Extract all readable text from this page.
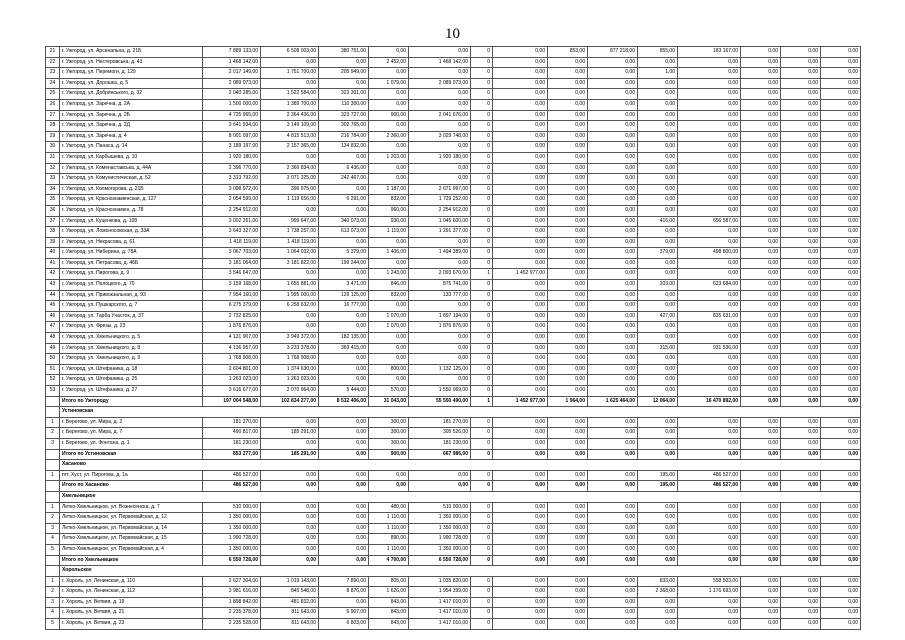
10
21	г. Ужгород, ул. Арсенальна, д. 21Б	7 889 133,00	6 508 003,00	380 751,00	0,00	0,00	0	0,00	853,00	877 218,00	855,00	183 167,00	0,00	0,00	0,00
22	г. Ужгород, ул. Нестеровська, д. 43	1 468 142,00	0,00	0,00	2 452,00	1 468 142,00	0	0,00	0,00	0,00	0,00	0,00	0,00	0,00	0,00
23	г. Ужгород, ул. Перемоги, д. 129	2 017 149,00	1 751 700,00	205 949,00	0,00	0,00	0	0,00	0,00	0,00	1,00	0,00	0,00	0,00	0,00
24	г. Ужгород, ул. Дорошка, д. 5	2 089 073,00	0,00	0,00	1 079,00	2 089 073,00	0	0,00	0,00	0,00	0,00	0,00	0,00	0,00	0,00
25	г. Ужгород, ул. Добрянського, д. 32	2 040 285,00	1 522 584,00	323 301,00	0,00	0,00	0	0,00	0,00	0,00	0,00	0,00	0,00	0,00	0,00
26	г. Ужгород, ул. Заречна, д. 2А	1 500 000,00	1 389 700,00	110 300,00	0,00	0,00	0	0,00	0,00	0,00	0,00	0,00	0,00	0,00	0,00
27	г. Ужгород, ул. Заречна, д. 2Б	4 725 965,00	2 364 436,00	323 727,00	900,00	2 041 676,00	0	0,00	0,00	0,00	0,00	0,00	0,00	0,00	0,00
28	г. Ужгород, ул. Заречна, д. 2Д	3 641 934,00	3 149 109,00	302 765,00	0,00	0,00	0	0,00	0,00	0,00	0,00	0,00	0,00	0,00	0,00
29	г. Ужгород, ул. Заречна, д. 4	8 001 097,00	4 815 513,00	216 784,00	2 360,00	3 029 748,00	0	0,00	0,00	0,00	0,00	0,00	0,00	0,00	0,00
30	г. Ужгород, ул. Панаса, д. 14	3 189 197,00	2 157 365,00	134 832,00	0,00	0,00	0	0,00	0,00	0,00	0,00	0,00	0,00	0,00	0,00
31	г. Ужгород, ул. Карбышева, д. 10	1 920 180,00	0,00	0,00	1 203,00	1 920 180,00	0	0,00	0,00	0,00	0,00	0,00	0,00	0,00	0,00
32	г. Ужгород, ул. Коменаставська, д. 44А	2 396 770,00	2 366 834,00	6 436,00	0,00	0,00	0	0,00	0,00	0,00	0,00	0,00	0,00	0,00	0,00
33	г. Ужгород, ул. Комунистическая, д. 52	3 313 792,00	3 071 325,00	242 467,00	0,00	0,00	0	0,00	0,00	0,00	0,00	0,00	0,00	0,00	0,00
34	г. Ужгород, ул. Колмогорова, д. 21Б	3 098 972,00	396 975,00	0,00	1 187,00	2 671 997,00	0	0,00	0,00	0,00	0,00	0,00	0,00	0,00	0,00
35	г. Ужгород, ул. Краснознаменская, д. 127	2 054 599,00	1 119 656,00	6 291,00	832,00	1 729 252,00	0	0,00	0,00	0,00	0,00	0,00	0,00	0,00	0,00
36	г. Ужгород, ул. Краснознамен, д. 78	2 254 912,00	0,00	0,00	960,00	2 254 912,00	0	0,00	0,00	0,00	0,00	0,00	0,00	0,00	0,00
37	г. Ужгород, ул. Куценкова, д. 108	3 002 261,00	999 647,00	340 073,00	930,00	1 045 600,00	0	0,00	0,00	0,00	416,00	656 587,00	0,00	0,00	0,00
38	г. Ужгород, ул. Ломоносовская, д. 33А	3 643 327,00	1 738 257,00	613 073,00	1 119,00	1 291 377,00	0	0,00	0,00	0,00	0,00	0,00	0,00	0,00	0,00
39	г. Ужгород, ул. Некрасова, д. 61	1 418 119,00	1 418 119,00	0,00	0,00	0,00	0	0,00	0,00	0,00	0,00	0,00	0,00	0,00	0,00
40	г. Ужгород, ул. Ниберина, д. 78А	3 067 703,00	1 064 032,00	5 379,00	1 406,00	1 494 389,00	0	0,00	0,00	0,00	379,00	498 800,00	0,00	0,00	0,00
41	г. Ужгород, ул. Петрасова, д. 46Б	3 181 064,00	3 181 822,00	199 244,00	0,00	0,00	0	0,00	0,00	0,00	0,00	0,00	0,00	0,00	0,00
42	г. Ужгород, ул. Пирогова, д. 9	3 546 647,00	0,00	0,00	1 243,00	2 093 670,00	1	1 452 977,00	0,00	0,00	0,00	0,00	0,00	0,00	0,00
43	г. Ужгород, ул. Полоцкого, д. 70	3 159 168,00	1 655 881,00	3 471,00	846,00	875 741,00	0	0,00	0,00	0,00	203,00	623 684,00	0,00	0,00	0,00
44	г. Ужгород, ул. Привокзальная, д. 93	7 954 160,00	1 995 000,00	129 125,00	832,00	133 777,00	0	0,00	0,00	0,00	0,00	0,00	0,00	0,00	0,00
45	г. Ужгород, ул. Пушкарского, д. 7	6 275 379,00	6 258 632,00	16 777,00	0,00	0,00	0	0,00	0,00	0,00	0,00	0,00	0,00	0,00	0,00
46	г. Ужгород, ул. Тарба Участок, д. 37	2 732 825,00	0,00	0,00	1 070,00	1 897 194,00	0	0,00	0,00	0,00	427,00	835 631,00	0,00	0,00	0,00
47	г. Ужгород, ул. Фрезы, д. 23	1 876 876,00	0,00	0,00	1 070,00	1 876 876,00	0	0,00	0,00	0,00	0,00	0,00	0,00	0,00	0,00
48	г. Ужгород, ул. Хмельницкого, д. 5	4 131 907,00	3 949 372,00	182 135,00	0,00	0,00	0	0,00	0,00	0,00	0,00	0,00	0,00	0,00	0,00
49	г. Ужгород, ул. Хмельницкого, д. 8	4 136 957,00	3 233 378,00	369 415,00	0,00	0,00	0	0,00	0,00	0,00	315,00	931 536,00	0,00	0,00	0,00
50	г. Ужгород, ул. Хмельницкого, д. 9	1 768 908,00	1 768 908,00	0,00	0,00	0,00	0	0,00	0,00	0,00	0,00	0,00	0,00	0,00	0,00
51	г. Ужгород, ул. Штефаника, д. 18	2 604 801,00	1 374 630,00	0,00	800,00	1 132 125,00	0	0,00	0,00	0,00	0,00	0,00	0,00	0,00	0,00
52	г. Ужгород, ул. Штефаника, д. 25	1 263 023,00	1 263 023,00	0,00	0,00	0,00	0	0,00	0,00	0,00	0,00	0,00	0,00	0,00	0,00
53	г. Ужгород, ул. Штефаника, д. 27	3 616 677,00	2 070 964,00	5 444,00	570,00	1 550 069,00	0	0,00	0,00	0,00	0,00	0,00	0,00	0,00	0,00
	Итого по Ужгороду	197 004 548,00	102 834 277,00	8 532 406,00	31 043,00	55 550 490,00	1	1 452 977,00	1 964,00	1 625 464,00	12 064,00	16 470 892,00	0,00	0,00	0,00
	Устиновская														
1	г. Берегово, ул. Мира, д. 2	181 270,00	0,00	0,00	300,00	181 270,00	0	0,00	0,00	0,00	0,00	0,00	0,00	0,00	0,00
2	г. Берегово, ул. Мира, д. 7	490 817,00	185 291,00	0,00	300,00	305 526,00	0	0,00	0,00	0,00	0,00	0,00	0,00	0,00	0,00
3	г. Берегово, ул. Фонтана, д. 1	181 230,00	0,00	0,00	300,00	181 230,00	0	0,00	0,00	0,00	0,00	0,00	0,00	0,00	0,00
	Итого по Устиновская	853 277,00	185 291,00	0,00	900,00	667 986,00	0	0,00	0,00	0,00	0,00	0,00	0,00	0,00	0,00
	Хасаново														
1	пгт. Хуст, ул. Пирогова, д. 1а	486 527,00	0,00	0,00	0,00	0,00	0	0,00	0,00	0,00	195,00	486 527,00	0,00	0,00	0,00
	Итого по Хасаново	486 527,00	0,00	0,00	0,00	0,00	0	0,00	0,00	0,00	195,00	486 527,00	0,00	0,00	0,00
	Хмельницкое														
1	Летко-Хмельницкое, ул. Вознесенска, д. 7	510 000,00	0,00	0,00	480,00	510 000,00	0	0,00	0,00	0,00	0,00	0,00	0,00	0,00	0,00
2	Летко-Хмельницкое, ул. Первомайская, д. 12	1 350 000,00	0,00	0,00	1 110,00	1 350 000,00	0	0,00	0,00	0,00	0,00	0,00	0,00	0,00	0,00
3	Летко-Хмельницкое, ул. Первомайская, д. 14	1 350 000,00	0,00	0,00	1 110,00	1 350 000,00	0	0,00	0,00	0,00	0,00	0,00	0,00	0,00	0,00
4	Летко-Хмельницкое, ул. Первомайская, д. 15	1 990 728,00	0,00	0,00	890,00	1 990 728,00	0	0,00	0,00	0,00	0,00	0,00	0,00	0,00	0,00
5	Летко-Хмельницкое, ул. Первомайская, д. 4	1 350 000,00	0,00	0,00	1 110,00	1 350 000,00	0	0,00	0,00	0,00	0,00	0,00	0,00	0,00	0,00
	Итого по Хмельницкое	6 550 728,00	0,00	0,00	4 700,00	6 550 728,00	0	0,00	0,00	0,00	0,00	0,00	0,00	0,00	0,00
	Хорольское														
1	г. Хороль, ул. Ленинская, д. 110	2 627 304,00	1 019 143,00	7 890,00	805,00	1 035 820,00	0	0,00	0,00	0,00	833,00	558 503,00	0,00	0,00	0,00
2	г. Хороль, ул. Ленинская, д. 112	3 981 616,00	845 548,00	8 876,00	1 626,00	1 954 399,00	0	0,00	0,00	0,00	2 368,00	1 176 693,00	0,00	0,00	0,00
3	г. Хороль, ул. Ветвия, д. 19	1 898 842,00	481 832,00	0,00	843,00	1 417 010,00	0	0,00	0,00	0,00	0,00	0,00	0,00	0,00	0,00
4	г. Хороль, ул. Ветвия, д. 21	2 235 378,00	811 643,00	6 907,00	843,00	1 417 010,00	0	0,00	0,00	0,00	0,00	0,00	0,00	0,00	0,00
5	г. Хороль, ул. Ветвия, д. 23	2 235 528,00	811 643,00	6 803,00	843,00	1 417 010,00	0	0,00	0,00	0,00	0,00	0,00	0,00	0,00	0,00
